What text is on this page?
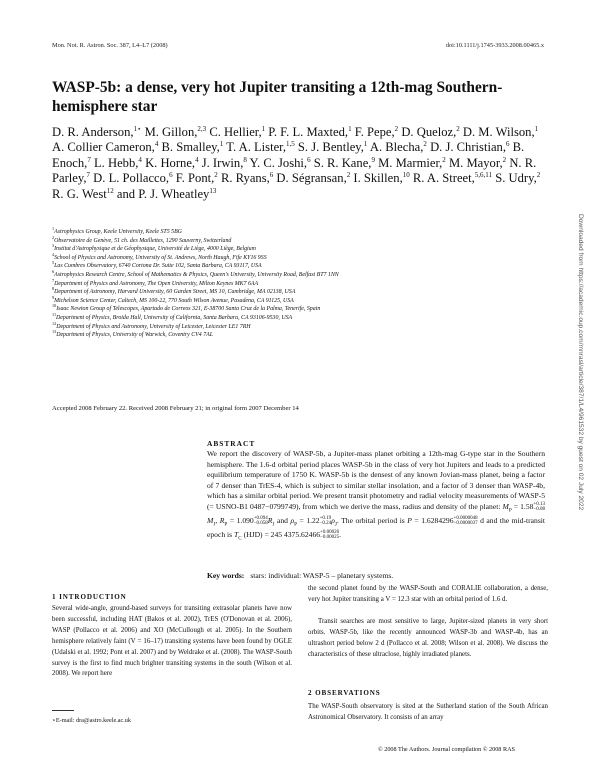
Mon. Not. R. Astron. Soc. 387, L4–L7 (2008)	doi:10.1111/j.1745-3933.2008.00465.x
WASP-5b: a dense, very hot Jupiter transiting a 12th-mag Southern-hemisphere star
D. R. Anderson,$^{1⋆}$ M. Gillon,$^{2,3}$ C. Hellier,$^1$ P. F. L. Maxted,$^1$ F. Pepe,$^2$ D. Queloz,$^2$ D. M. Wilson,$^1$ A. Collier Cameron,$^4$ B. Smalley,$^1$ T. A. Lister,$^{1,5}$ S. J. Bentley,$^1$ A. Blecha,$^2$ D. J. Christian,$^6$ B. Enoch,$^7$ L. Hebb,$^4$ K. Horne,$^4$ J. Irwin,$^8$ Y. C. Joshi,$^6$ S. R. Kane,$^9$ M. Marmier,$^2$ M. Mayor,$^2$ N. R. Parley,$^7$ D. L. Pollacco,$^6$ F. Pont,$^2$ R. Ryans,$^6$ D. Ségransan,$^2$ I. Skillen,$^{10}$ R. A. Street,$^{5,6,11}$ S. Udry,$^2$ R. G. West$^{12}$ and P. J. Wheatley$^{13}$
$^1$Astrophysics Group, Keele University, Keele ST5 5BG
$^2$Observatoire de Genève, 51 ch. des Maillettes, 1290 Sauverny, Switzerland
$^3$Institut d'Astrophysique et de Géophysique, Université de Liège, 4000 Liège, Belgium
$^4$School of Physics and Astronomy, University of St. Andrews, North Haugh, Fife KY16 9SS
$^5$Las Cumbres Observatory, 6740 Cortona Dr. Suite 102, Santa Barbara, CA 93117, USA
$^6$Astrophysics Research Centre, School of Mathematics & Physics, Queen's University, University Road, Belfast BT7 1NN
$^7$Department of Physics and Astronomy, The Open University, Milton Keynes MK7 6AA
$^8$Department of Astronomy, Harvard University, 60 Garden Street, MS 10, Cambridge, MA 02138, USA
$^9$Michelson Science Center, Caltech, MS 100-22, 770 South Wilson Avenue, Pasadena, CA 91125, USA
$^{10}$Isaac Newton Group of Telescopes, Apartado de Correos 321, E-38700 Santa Cruz de la Palma, Tenerife, Spain
$^{11}$Department of Physics, Broida Hall, University of California, Santa Barbara, CA 93106-9530, USA
$^{12}$Department of Physics and Astronomy, University of Leicester, Leicester LE1 7RH
$^{13}$Department of Physics, University of Warwick, Coventry CV4 7AL
Accepted 2008 February 22. Received 2008 February 21; in original form 2007 December 14
ABSTRACT
We report the discovery of WASP-5b, a Jupiter-mass planet orbiting a 12th-mag G-type star in the Southern hemisphere. The 1.6-d orbital period places WASP-5b in the class of very hot Jupiters and leads to a predicted equilibrium temperature of 1750 K. WASP-5b is the densest of any known Jovian-mass planet, being a factor of 7 denser than TrES-4, which is subject to similar stellar insolation, and a factor of 3 denser than WASP-4b, which has a similar orbital period. We present transit photometry and radial velocity measurements of WASP-5 (= USNO-B1 0487−0799749), from which we derive the mass, radius and density of the planet: $M_P = 1.58+0.13$
$-0.08M_J$, $R_P = 1.090+0.094$
$-0.058R_J$ and $\rho_P = 1.22+0.19$
$-0.24\rho_J$. The orbital period is P = 1.6284296+0.0000048
−0.0000037 d and the mid-transit epoch is $T_C$ (HJD) = 245 4375.62466+0.00026
−0.00025.
Key words: stars: individual: WASP-5 – planetary systems.
1 INTRODUCTION
Several wide-angle, ground-based surveys for transiting extrasolar planets have now been successful, including HAT (Bakos et al. 2002), TrES (O'Donovan et al. 2006), WASP (Pollacco et al. 2006) and XO (McCullough et al. 2005). In the Southern hemisphere relatively faint (V = 16–17) transiting systems have been found by OGLE (Udalski et al. 1992; Pont et al. 2007) and by Weldrake et al. (2008). The WASP-South survey is the first to find much brighter transiting systems in the south (Wilson et al. 2008). We report here
the second planet found by the WASP-South and CORALIE collaboration, a dense, very hot Jupiter transiting a V = 12.3 star with an orbital period of 1.6 d.
Transit searches are most sensitive to large, Jupiter-sized planets in very short orbits. WASP-5b, like the recently announced WASP-3b and WASP-4b, has an ultrashort period below 2 d (Pollacco et al. 2008; Wilson et al. 2008). We discuss the characteristics of these ultraclose, highly irradiated planets.
2 OBSERVATIONS
The WASP-South observatory is sited at the Sutherland station of the South African Astronomical Observatory. It consists of an array
⋆E-mail: dra@astro.keele.ac.uk
© 2008 The Authors. Journal compilation © 2008 RAS
Downloaded from https://academic.oup.com/mnrasl/article/387/1/L4/961532 by guest on 02 July 2022
